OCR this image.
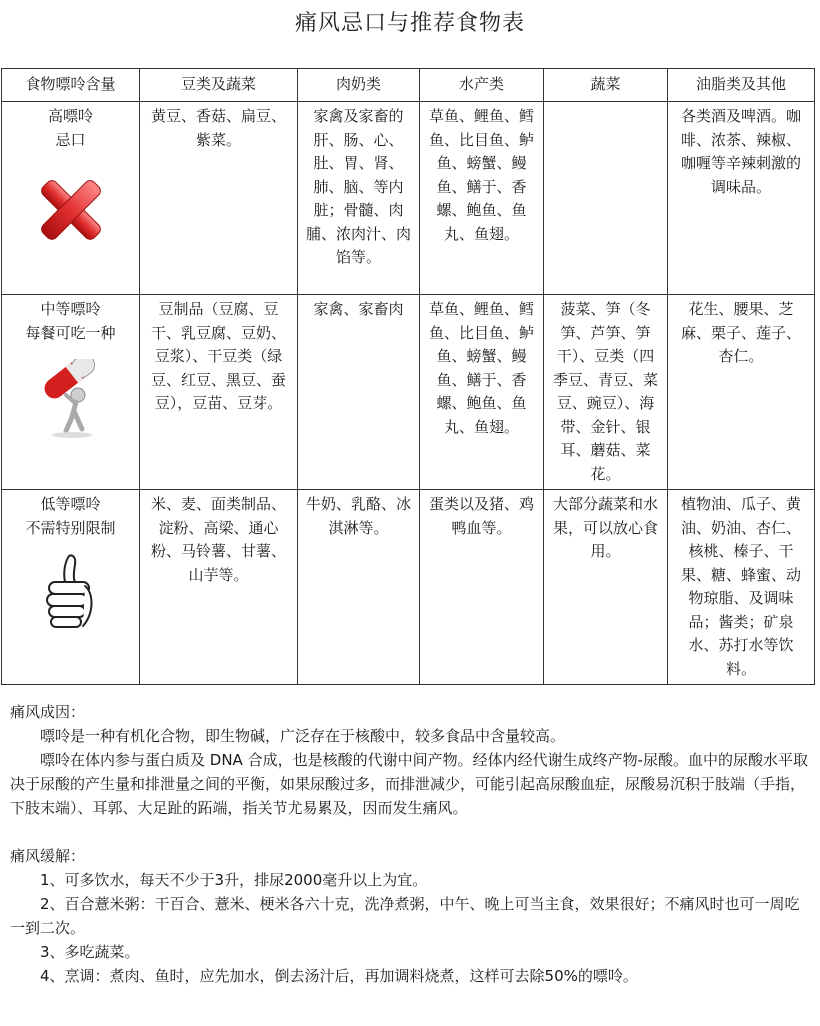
痛风忌口与推荐食物表
食物嘌呤含量	豆类及蔬菜	肉奶类	水产类	蔬菜	油脂类及其他

高嘌呤
忌口	黄豆、香菇、扁豆、紫菜。	家禽及家畜的肝、肠、心、肚、胃、肾、肺、脑、等内脏；骨髓、肉脯、浓肉汁、肉馅等。	草鱼、鲤鱼、鳕鱼、比目鱼、鲈鱼、螃蟹、鳗鱼、鳝于、香螺、鲍鱼、鱼丸、鱼翅。		各类酒及啤酒。咖啡、浓茶、辣椒、咖喱等辛辣刺激的调味品。

中等嘌呤
每餐可吃一种	豆制品（豆腐、豆干、乳豆腐、豆奶、豆浆）、干豆类（绿豆、红豆、黑豆、蚕豆），豆苗、豆芽。	家禽、家畜肉	草鱼、鲤鱼、鳕鱼、比目鱼、鲈鱼、螃蟹、鳗鱼、鳝于、香螺、鲍鱼、鱼丸、鱼翅。	菠菜、笋（冬笋、芦笋、笋干）、豆类（四季豆、青豆、菜豆、豌豆）、海带、金针、银耳、蘑菇、菜花。	花生、腰果、芝麻、栗子、莲子、杏仁。

低等嘌呤
不需特别限制	米、麦、面类制品、淀粉、高梁、通心粉、马铃薯、甘薯、山芋等。	牛奶、乳酪、冰淇淋等。	蛋类以及猪、鸡鸭血等。	大部分蔬菜和水果，可以放心食用。	植物油、瓜子、黄油、奶油、杏仁、核桃、榛子、干果、糖、蜂蜜、动物琼脂、及调味品；酱类；矿泉水、苏打水等饮料。

痛风成因：

嘌呤是一种有机化合物，即生物碱，广泛存在于核酸中，较多食品中含量较高。

嘌呤在体内参与蛋白质及 DNA 合成，也是核酸的代谢中间产物。经体内经代谢生成终产物-尿酸。血中的尿酸水平取决于尿酸的产生量和排泄量之间的平衡，如果尿酸过多，而排泄减少，可能引起高尿酸血症，尿酸易沉积于肢端（手指，下肢末端）、耳郭、大足趾的跖端，指关节尤易累及，因而发生痛风。

痛风缓解：

1、可多饮水，每天不少于3升，排尿2000毫升以上为宜。

2、百合薏米粥：干百合、薏米、梗米各六十克，洗净煮粥，中午、晚上可当主食，效果很好；不痛风时也可一周吃一到二次。

3、多吃蔬菜。

4、烹调：煮肉、鱼时，应先加水，倒去汤汁后，再加调料烧煮，这样可去除50%的嘌呤。
